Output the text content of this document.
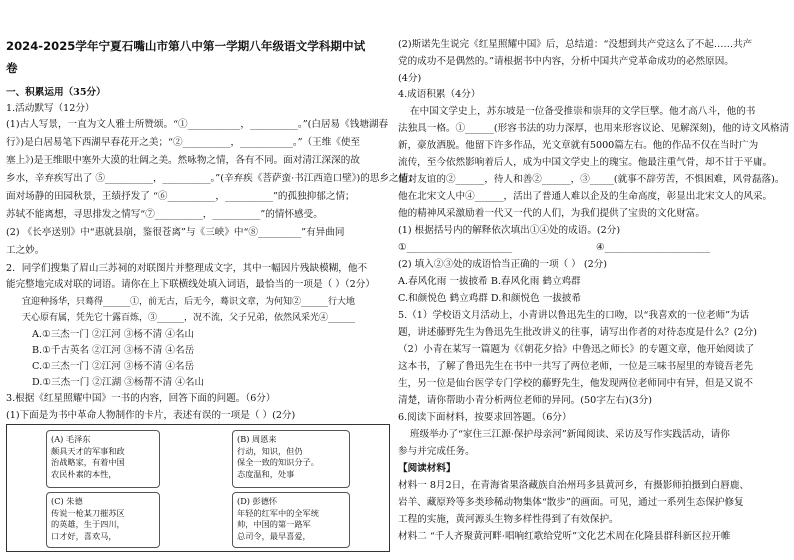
2024-2025学年宁夏石嘴山市第八中第一学期八年级语文学科期中试
卷
一、积累运用（35分）
1.活动默写（12分）
(1)古人写景，一直为文人雅士所赞颂。“①___________，__________。”(白居易《钱塘湖春
行》)是白居易笔下西湖早春花开之美；“②__________，___________。”（王维《使至
塞上》)是王维眼中塞外大漠的壮阔之美。然咏物之情，各有不同。面对清江深深的故
乡水，辛弃疾写出了 ⑤__________，__________。”(辛弃疾《菩萨蛮·书江西造口壁》)的思乡之情；
面对场静的田园秋景，王绩抒发了 “⑥__________，__________”的孤独抑郁之情；
苏轼不能离想，寻思排发之情写“⑦__________，__________”的情怀感受。
(2) 《长亭送别》中“惠就县崩，鉴很苍离”与《三峡》中“⑧_________”有异曲同
工之妙。
2．同学们搜集了眉山三苏祠的对联图片并整理成文字，其中一幅因片残缺模糊，他不
能完整地完成对联的词语。请你在上下联横线处填入词语，最恰当的一项是（ ）（2分）
宜迎种扬华，只蓦得______①，前无古，后无今，蓦识文章，为何知②______行大地
天心原有属，凭先它十露百炼，③______，况不流，父子兄弟，依然风采光④______
A.①三杰一门 ②江河 ③杨不清 ④名山
B.①千古英名 ②江河 ③杨不清 ④名岳
C.①三杰一门 ②江河 ③杨不清 ④名岳
D.①三杰一门 ②江湖 ③杨帮不清 ④名山
3.根据《红星照耀中国》一书的内容，回答下面的问题。（6分）
(1)下面是为书中革命人物制作的卡片，表述有误的一项是（ ）(2分)
(A) 毛泽东
颇具天才的军事和政
治战略家，有着中国
农民朴素的本性，
(B) 周恩来
行动，知识，但仍
保全一致的知识分子。
态度温和，处事
(C) 朱德
传说一枪某刀摧苏区
的英雄，生于四川，
口才好，喜欢马，
(D) 彭德怀
年轻的红军中的全军统
帅，中国的第一路军
总司令，最早喜爱，
(2)斯诺先生说完《红星照耀中国》后，总结道：“没想到共产党这么了不起……共产
党的成功不是偶然的。”请根据书中内容，分析中国共产党革命成功的必然原因。
(4分)
4.成语积累（4分）
在中国文学史上，苏东坡是一位备受推崇和崇拜的文学巨擘。他才高八斗，他的书
法独具一格。①______(形容书法的功力深厚，也用来形容议论、见解深刻)，他的诗文风格清
新，豪放洒脱。他留下许多作品，光文章就有5000篇左右。他的作品不仅在当时广为
流传，至今依然影响着后人，成为中国文学史上的瑰宝。他最注重气骨，却不甘于平庸。
他对友谊的②______，待人和善②______，③_____(就事不辞劳苦，不惧困难，风骨磊落)。
他在北宋文人中④______，活出了普通人难以企及的生命高度，彰显出北宋文人的风采。
他的精神风采激励着一代又一代的人们，为我们提供了宝贵的文化财富。
(1) 根据括号内的解释依次填出①④处的成语。(2分)
①______________________	④______________________
(2) 填入②③处的成语恰当正确的一项（ ） (2分)
A.春风化雨 一拔披希 B.春风化雨 鹤立鸡群
C.和颜悦色 鹤立鸡群 D.和颜悦色 一拔披希
5.（1）学校语文月活动上，小青讲以鲁迅先生的口吻，以“我喜欢的一位老师”为话
题，讲述藤野先生为鲁迅先生批改讲义的往事，请写出作者的对待态度是什么？(2分)
（2）小青在某写一篇题为《《朝花夕拾》中鲁迅之师长》的专题文章，他开始阅读了
这本书，了解了鲁迅先生在书中一共写了两位老师，一位是三味书屋里的寿镜吾老先
生，另一位是仙台医学专门学校的藤野先生，他发现两位老师同中有异，但是又说不
清楚，请你帮助小青分析两位老师的异同。(50字左右)(3分)
6.阅读下面材料，按要求回答题。（6分）
班级举办了“家住三江源·保护母亲河”新闻阅读、采访及写作实践活动，请你
参与并完成任务。
【阅读材料】
材料一 8月2日，在青海省果洛藏族自治州玛多县黄河乡，有摄影师拍摄到白唇鹿、
岩羊、藏原羚等多类珍稀动物集体“散步”的画面。可见，通过一系列生态保护修复
工程的实施，黄河源头生物多样性得到了有效保护。
材料二 “千人齐聚黄河畔·唱响红歌给党听”文化艺术周在化隆县群科新区拉开帷
